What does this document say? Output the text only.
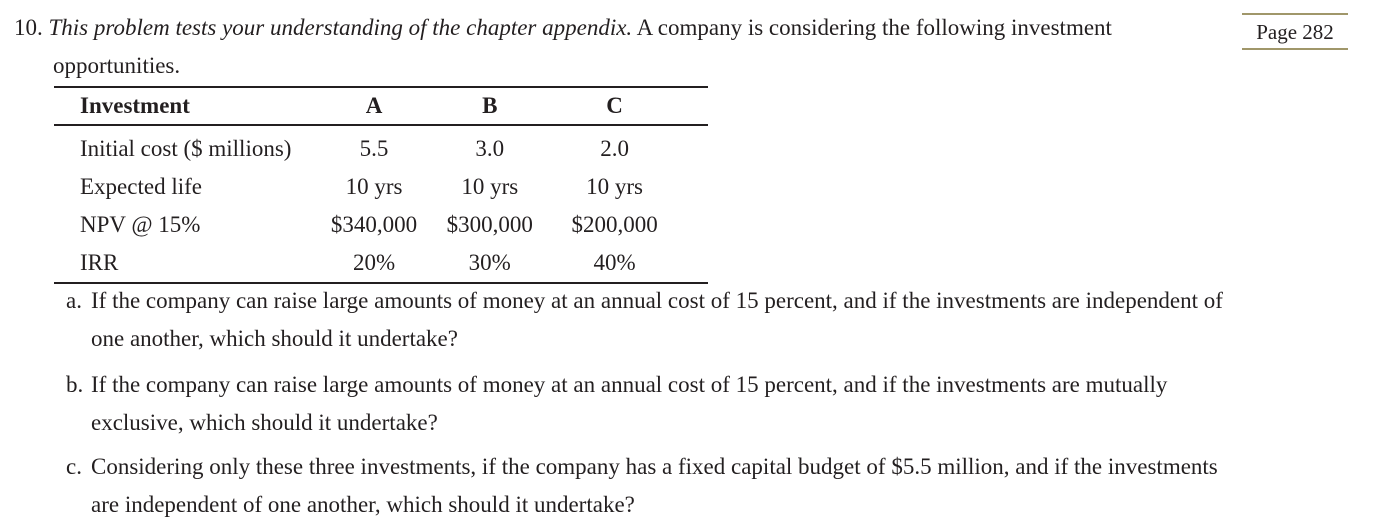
10. This problem tests your understanding of the chapter appendix. A company is considering the following investment
opportunities.
Page 282
Investment	A	B	C
Initial cost ($ millions)	5.5	3.0	2.0
Expected life	10 yrs	10 yrs	10 yrs
NPV @ 15%	$340,000	$300,000	$200,000
IRR	20%	30%	40%
a. If the company can raise large amounts of money at an annual cost of 15 percent, and if the investments are independent of
one another, which should it undertake?
b. If the company can raise large amounts of money at an annual cost of 15 percent, and if the investments are mutually
exclusive, which should it undertake?
c. Considering only these three investments, if the company has a fixed capital budget of $5.5 million, and if the investments
are independent of one another, which should it undertake?
